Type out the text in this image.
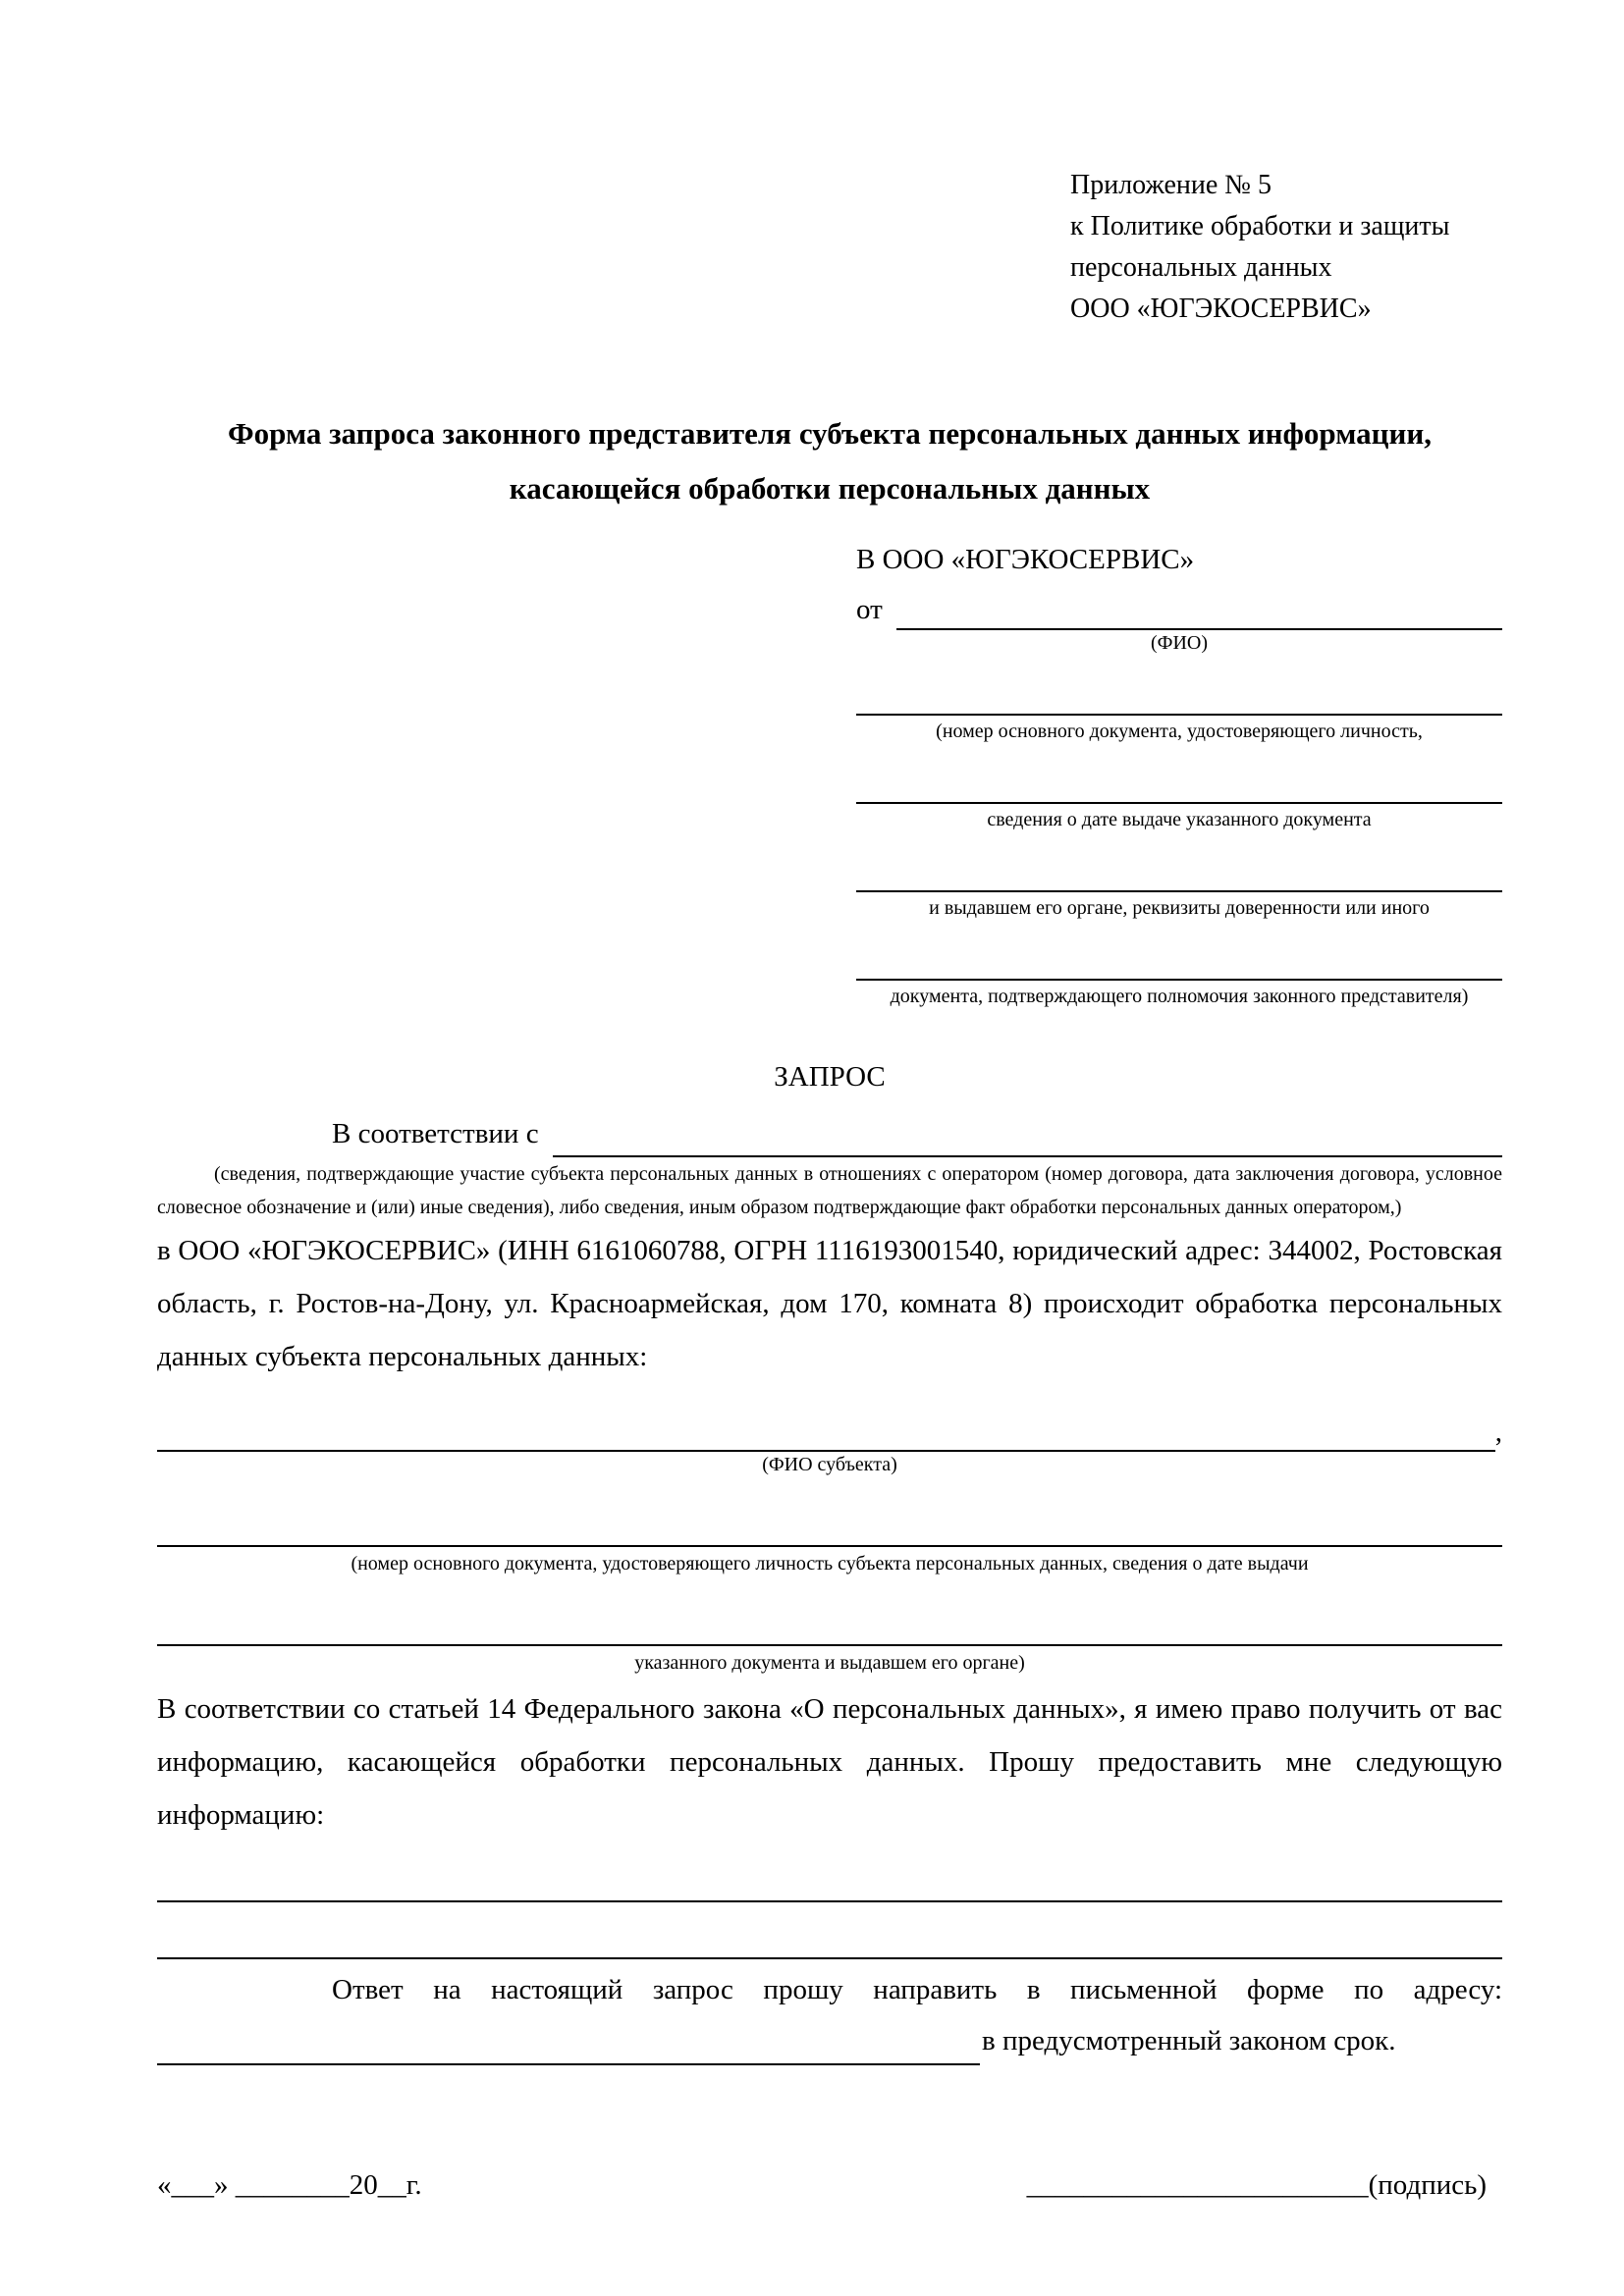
Приложение № 5
к Политике обработки и защиты
персональных данных
ООО «ЮГЭКОСЕРВИС»
Форма запроса законного представителя субъекта персональных данных информации, касающейся обработки персональных данных
В ООО «ЮГЭКОСЕРВИС»
от
(ФИО)
(номер основного документа, удостоверяющего личность,
сведения о дате выдаче указанного документа
и выдавшем его органе, реквизиты доверенности или иного
документа, подтверждающего полномочия законного представителя)
ЗАПРОС
В соответствии с
(сведения, подтверждающие участие субъекта персональных данных в отношениях с оператором (номер договора, дата заключения договора, условное словесное обозначение и (или) иные сведения), либо сведения, иным образом подтверждающие факт обработки персональных данных оператором,)
в ООО «ЮГЭКОСЕРВИС» (ИНН 6161060788, ОГРН 1116193001540, юридический адрес: 344002, Ростовская область, г. Ростов-на-Дону, ул. Красноармейская, дом 170, комната 8) происходит обработка персональных данных субъекта персональных данных:
,
(ФИО субъекта)
(номер основного документа, удостоверяющего личность субъекта персональных данных, сведения о дате выдачи
указанного документа и выдавшем его органе)
В соответствии со статьей 14 Федерального закона «О персональных данных», я имею право получить от вас информацию, касающейся обработки персональных данных. Прошу предоставить мне следующую информацию:
Ответ на настоящий запрос прошу направить в письменной форме по адресу:
в предусмотренный законом срок.
«___» ________20__г.	________________________(подпись)
